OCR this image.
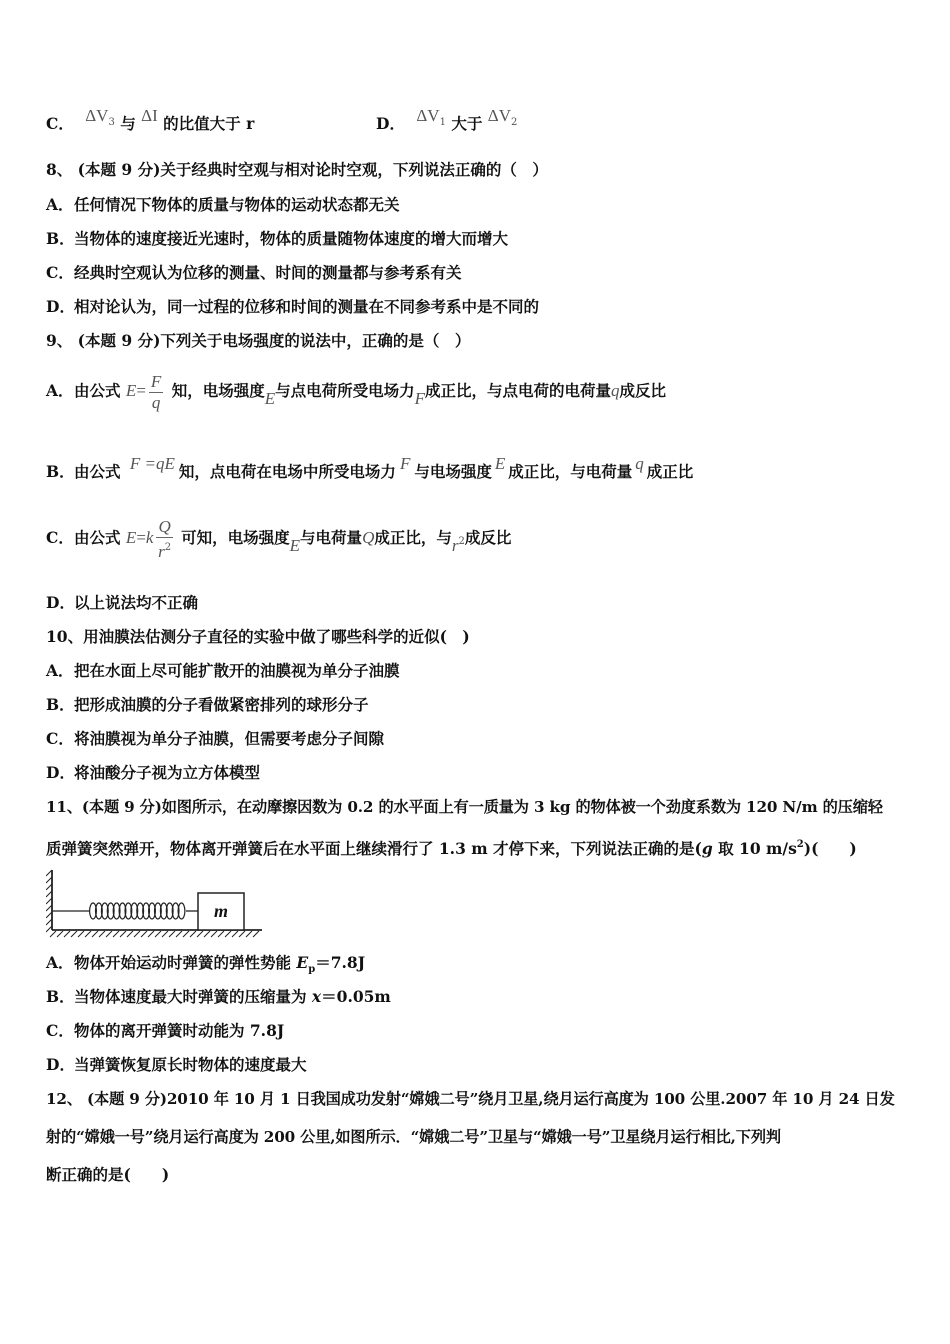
C． $\Delta V_3$ 与 ΔI 的比值大于 r	D． $\Delta V_1$ 大于 $\Delta V_2$
8、 (本题 9 分)关于经典时空观与相对论时空观，下列说法正确的（　）
A．任何情况下物体的质量与物体的运动状态都无关
B．当物体的速度接近光速时，物体的质量随物体速度的增大而增大
C．经典时空观认为位移的测量、时间的测量都与参考系有关
D．相对论认为，同一过程的位移和时间的测量在不同参考系中是不同的
9、 (本题 9 分)下列关于电场强度的说法中，正确的是（　）
A．由公式 $E= \frac{F}{q}$ 知，电场强度E与点电荷所受电场力F成正比，与点电荷的电荷量q成反比
B．由公式 F =qE 知，点电荷在电场中所受电场力 F 与电场强度 E 成正比，与电荷量 q 成正比
C．由公式 $E=k \frac{Q}{r^2}$ 可知，电场强度E与电荷量Q成正比，与$r^2$成反比
D．以上说法均不正确
10、用油膜法估测分子直径的实验中做了哪些科学的近似(　)
A．把在水面上尽可能扩散开的油膜视为单分子油膜
B．把形成油膜的分子看做紧密排列的球形分子
C．将油膜视为单分子油膜，但需要考虑分子间隙
D．将油酸分子视为立方体模型
11、(本题 9 分)如图所示，在动摩擦因数为 0.2 的水平面上有一质量为 3 kg 的物体被一个劲度系数为 120 N/m 的压缩轻
质弹簧突然弹开，物体离开弹簧后在水平面上继续滑行了 1.3 m 才停下来，下列说法正确的是(g 取 10 $m/s^2$)(　　)
m
A．物体开始运动时弹簧的弹性势能 $E_p=7.8J$
B．当物体速度最大时弹簧的压缩量为 x＝0.05m
C．物体的离开弹簧时动能为 7.8J
D．当弹簧恢复原长时物体的速度最大
12、 (本题 9 分)2010 年 10 月 1 日我国成功发射“嫦娥二号”绕月卫星,绕月运行高度为 100 公里.2007 年 10 月 24 日发
射的“嫦娥一号”绕月运行高度为 200 公里,如图所示．“嫦娥二号”卫星与“嫦娥一号”卫星绕月运行相比,下列判
断正确的是(　　)
